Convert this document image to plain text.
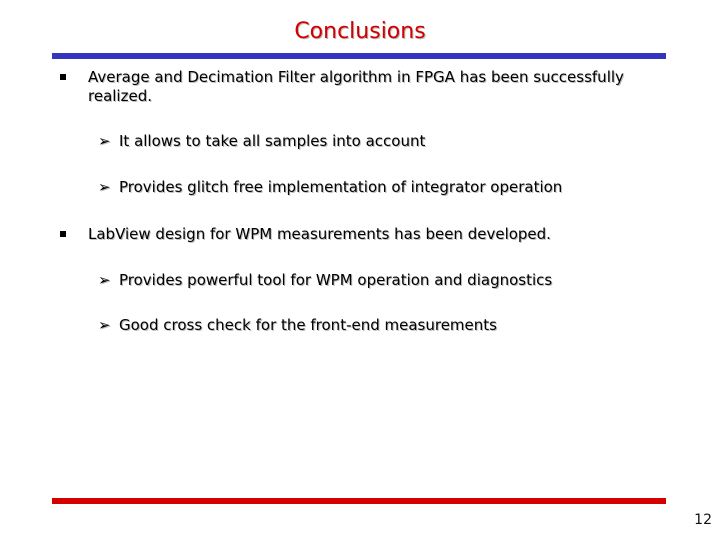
Conclusions
Average and Decimation Filter algorithm in FPGA has been successfully realized.
➢ It allows to take all samples into account
➢ Provides glitch free implementation of integrator operation
LabView design for WPM measurements has been developed.
➢ Provides powerful tool for WPM operation and diagnostics
➢ Good cross check for the front-end measurements
12
